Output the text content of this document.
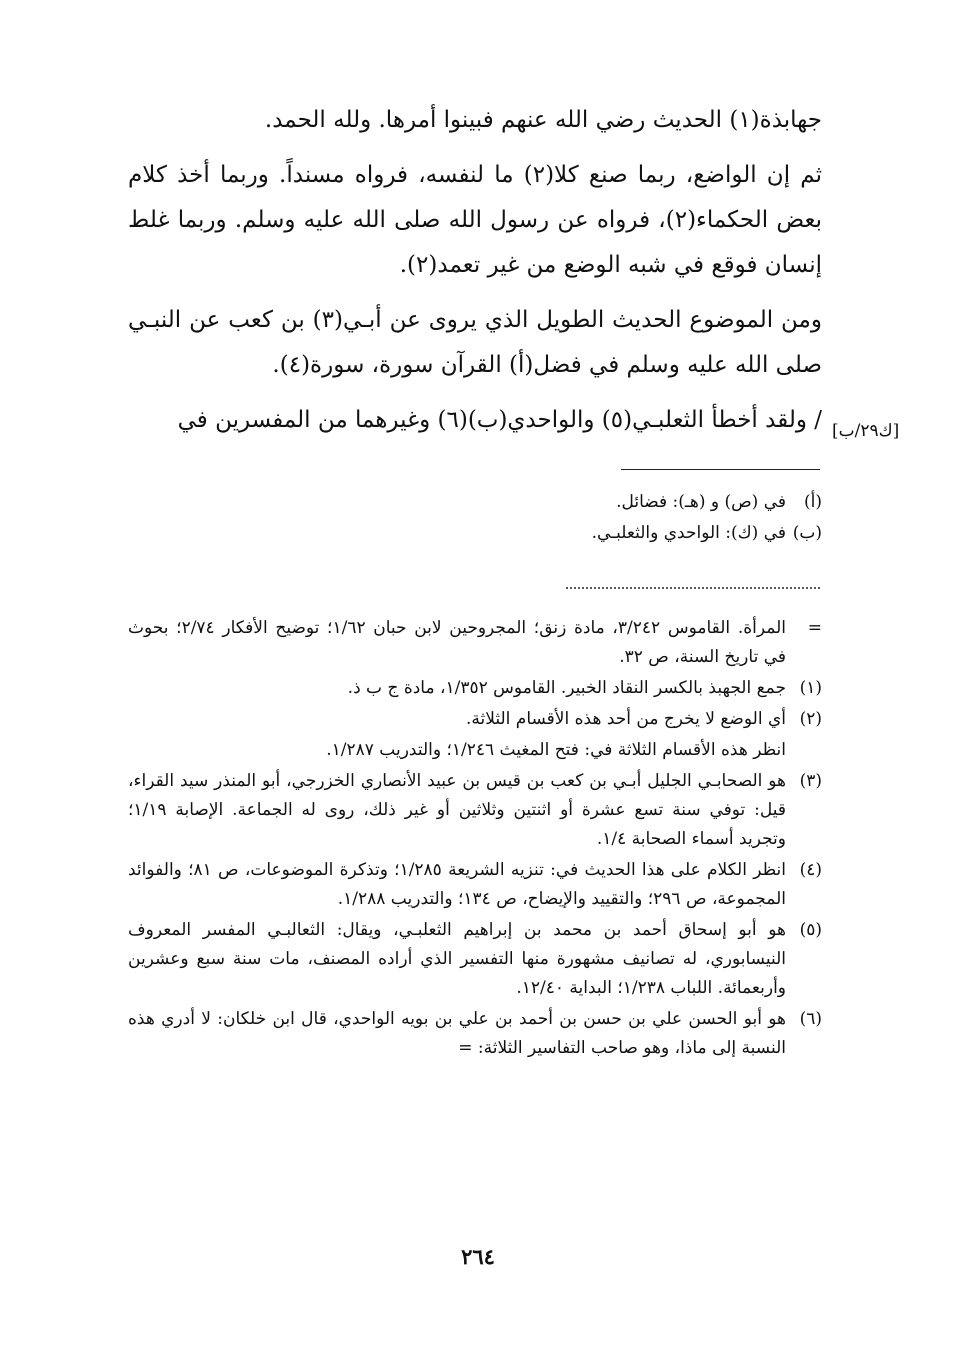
جهابذة(١) الحديث رضي الله عنهم فبينوا أمرها. ولله الحمد.

ثم إن الواضع، ربما صنع كلا(٢) ما لنفسه، فرواه مسنداً. وربما أخذ كلام بعض الحكماء(٢)، فرواه عن رسول الله صلى الله عليه وسلم. وربما غلط إنسان فوقع في شبه الوضع من غير تعمد(٢).

ومن الموضوع الحديث الطويل الذي يروى عن أبـي(٣) بن كعب عن النبـي صلى الله عليه وسلم في فضل(أ) القرآن سورة، سورة(٤).

/ ولقد أخطأ الثعلبـي(٥) والواحدي(ب)(٦) وغيرهما من المفسرين في [ك٢٩/ب]
(أ)
في (ص) و (هـ): فضائل.
(ب)
في (ك): الواحدي والثعلبـي.
=
المرأة. القاموس ٣/٢٤٢، مادة زنق؛ المجروحين لابن حبان ١/٦٢؛ توضيح الأفكار ٢/٧٤؛ بحوث في تاريخ السنة، ص ٣٢.
(١)
جمع الجهبذ بالكسر النقاد الخبير. القاموس ١/٣٥٢، مادة ج ب ذ.
(٢)
أي الوضع لا يخرج من أحد هذه الأقسام الثلاثة.
انظر هذه الأقسام الثلاثة في: فتح المغيث ١/٢٤٦؛ والتدريب ١/٢٨٧.
(٣)
هو الصحابـي الجليل أبـي بن كعب بن قيس بن عبيد الأنصاري الخزرجي، أبو المنذر سيد القراء، قيل: توفي سنة تسع عشرة أو اثنتين وثلاثين أو غير ذلك، روى له الجماعة. الإصابة ١/١٩؛ وتجريد أسماء الصحابة ١/٤.
(٤)
انظر الكلام على هذا الحديث في: تنزيه الشريعة ١/٢٨٥؛ وتذكرة الموضوعات، ص ٨١؛ والفوائد المجموعة، ص ٢٩٦؛ والتقييد والإيضاح، ص ١٣٤؛ والتدريب ١/٢٨٨.
(٥)
هو أبو إسحاق أحمد بن محمد بن إبراهيم الثعلبـي، ويقال: الثعالبـي المفسر المعروف النيسابوري، له تصانيف مشهورة منها التفسير الذي أراده المصنف، مات سنة سبع وعشرين وأربعمائة. اللباب ١/٢٣٨؛ البداية ١٢/٤٠.
(٦)
هو أبو الحسن علي بن حسن بن أحمد بن علي بن بويه الواحدي، قال ابن خلكان: لا أدري هذه النسبة إلى ماذا، وهو صاحب التفاسير الثلاثة: =
٢٦٤
